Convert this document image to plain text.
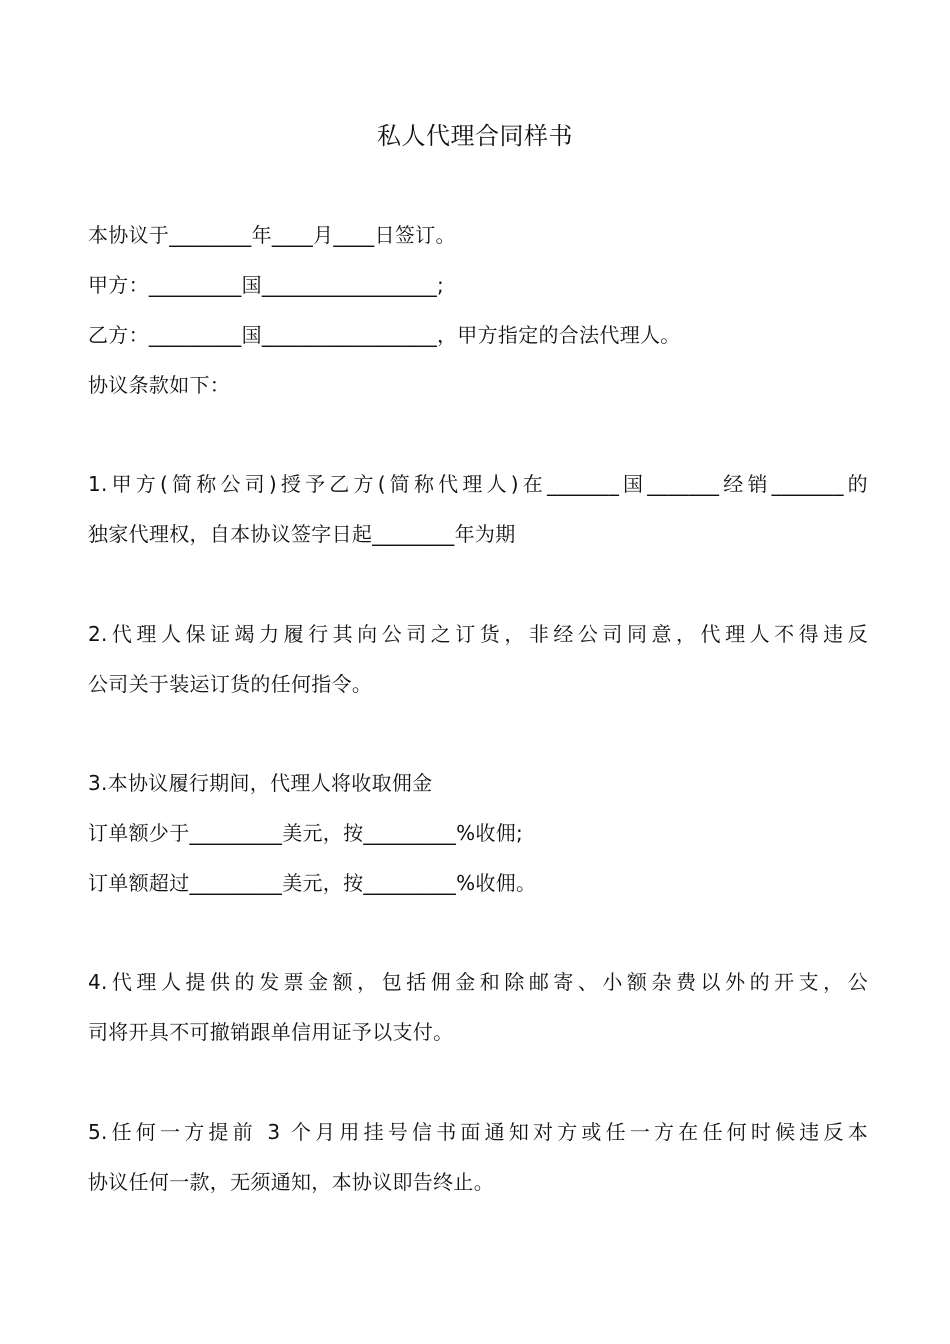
私人代理合同样书
本协议于________年____月____日签订。
甲方：_________国_________________;
乙方：_________国_________________，甲方指定的合法代理人。
协议条款如下：
1.甲方(简称公司)授予乙方(简称代理人)在_______国_______经销_______的
独家代理权，自本协议签字日起________年为期
2.代理人保证竭力履行其向公司之订货，非经公司同意，代理人不得违反
公司关于装运订货的任何指令。
3.本协议履行期间，代理人将收取佣金
订单额少于_________美元，按_________%收佣;
订单额超过_________美元，按_________%收佣。
4.代理人提供的发票金额，包括佣金和除邮寄、小额杂费以外的开支，公
司将开具不可撤销跟单信用证予以支付。
5.任何一方提前 3 个月用挂号信书面通知对方或任一方在任何时候违反本
协议任何一款，无须通知，本协议即告终止。
